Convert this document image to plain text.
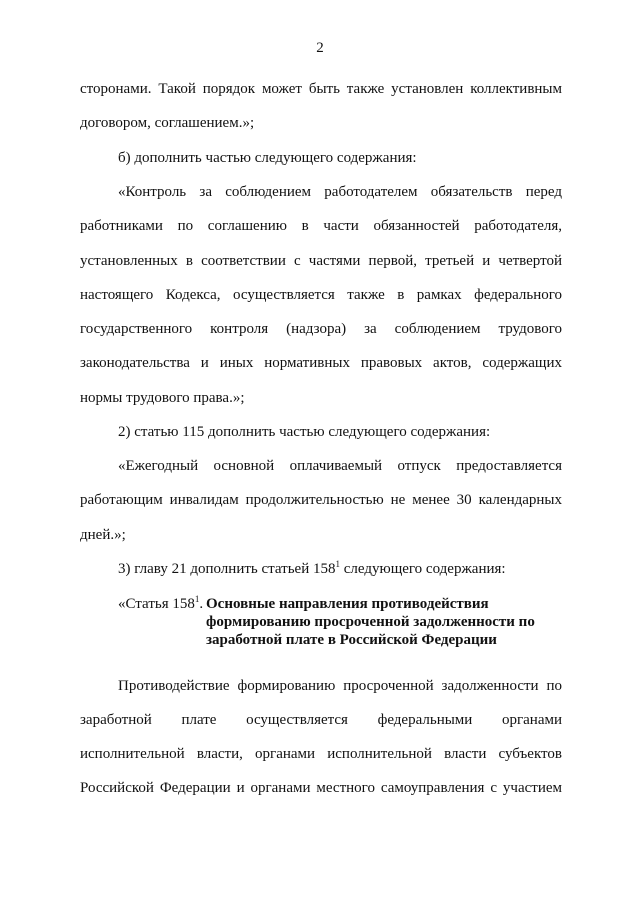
2
сторонами. Такой порядок может быть также установлен коллективным
договором, соглашением.»;
б) дополнить частью следующего содержания:
«Контроль за соблюдением работодателем обязательств перед
работниками по соглашению в части обязанностей работодателя,
установленных в соответствии с частями первой, третьей и четвертой
настоящего Кодекса, осуществляется также в рамках федерального
государственного контроля (надзора) за соблюдением трудового
законодательства и иных нормативных правовых актов, содержащих
нормы трудового права.»;
2) статью 115 дополнить частью следующего содержания:
«Ежегодный основной оплачиваемый отпуск предоставляется
работающим инвалидам продолжительностью не менее 30 календарных
дней.»;
3) главу 21 дополнить статьей $158^1$ следующего содержания:
«Статья $158^1$. Основные направления противодействия
формированию просроченной задолженности по
заработной плате в Российской Федерации
Противодействие формированию просроченной задолженности по
заработной плате осуществляется федеральными органами
исполнительной власти, органами исполнительной власти субъектов
Российской Федерации и органами местного самоуправления с участием
